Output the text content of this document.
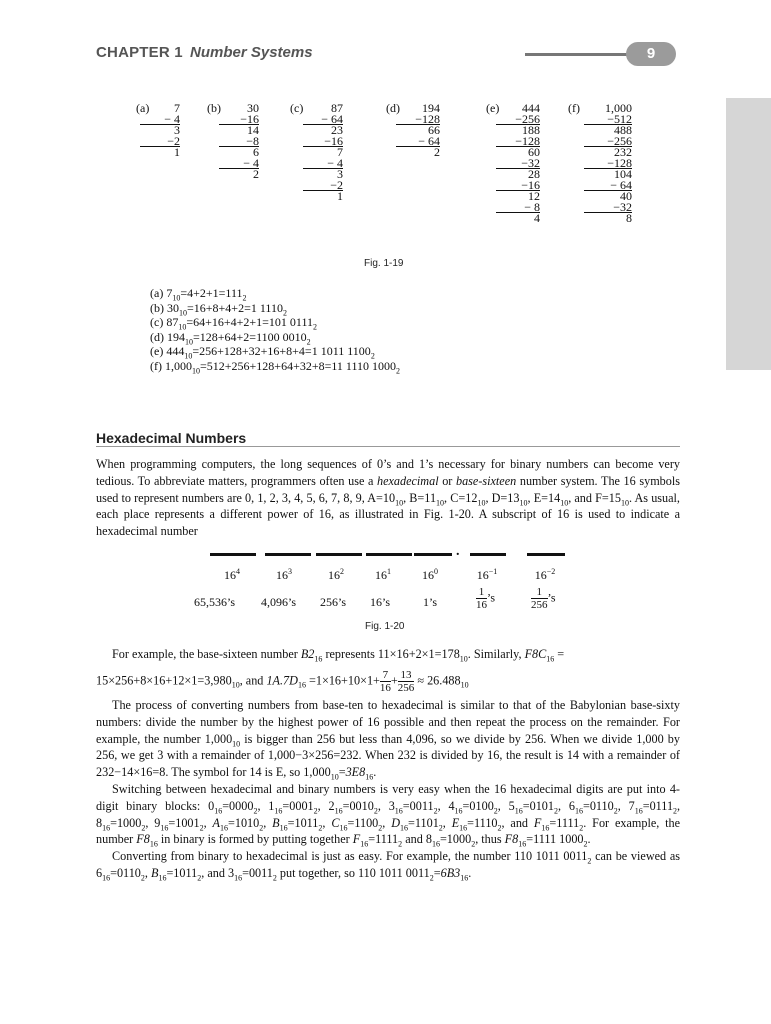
CHAPTER 1 Number Systems	9
(a)	7
− 4
3
−2
1
(b)	30
−16
14
−8
6
− 4
2
(c)	87
− 64
23
−16
7
− 4
3
−2
1
(d)	194
−128
66
− 64
2
(e)	444
−256
188
−128
60
−32
28
−16
12
− 8
4
(f)	1,000
−512
488
−256
232
−128
104
− 64
40
−32
8
Fig. 1-19
(a) $7_{10}=4+2+1=111_2$
(b) $30_{10}=16+8+4+2=1$ $1110_2$
(c) $87_{10}=64+16+4+2+1=101$ $0111_2$
(d) $194_{10}=128+64+2=1100$ $0010_2$
(e) $444_{10}=256+128+32+16+8+4=1$ 1011 $1100_2$
(f) $1,000_{10}=512+256+128+64+32+8=11$ 1110 $1000_2$
Hexadecimal Numbers

When programming computers, the long sequences of 0’s and 1’s necessary for binary numbers can become very tedious. To abbreviate matters, programmers often use a hexadecimal or base-sixteen number system. The 16 symbols used to represent numbers are 0, 1, 2, 3, 4, 5, 6, 7, 8, 9, $A=10_{10}$, $B=11_{10}$, $C=12_{10}$, $D=13_{10}$, $E=14_{10}$, and $F=15_{10}$. As usual, each place represents a different power of 16, as illustrated in Fig. 1-20. A subscript of 16 is used to indicate a hexadecimal number

.
$16^4$	$16^3$	$16^2$	$16^1$	$16^0$	$16^{-1}$	$16^{-2}$
65,536’s 4,096’s 256’s 16’s	1’s	$\frac{1}{16}$ ’s	$\frac{1}{256}$ ’s
Fig. 1-20

For example, the base-sixteen number $B2_{16}$ represents $11\times 16+2\times 1=178_{10}$. Similarly, $F8C_{16}$ =

$15\times 256+8\times 16+12\times 1=3,980_{10}$, and $1A.7D_{16} =1\times 16+10\times 1+ \frac{7}{16} + \frac{13}{256} \approx 26.488_{10}$

The process of converting numbers from base-ten to hexadecimal is similar to that of the Babylonian base-sixty numbers: divide the number by the highest power of 16 possible and then repeat the process on the remainder. For example, the number $1,000_{10}$ is bigger than 256 but less than 4,096, so we divide by 256. When we divide 1,000 by 256, we get 3 with a remainder of 1,000−3×256=232. When 232 is divided by 16, the result is 14 with a remainder of 232−14×16=8. The symbol for 14 is E, so $1,000_{10}=3E8_{16}$.

Switching between hexadecimal and binary numbers is very easy when the 16 hexadecimal digits are put into 4-digit binary blocks: $0_{16}=0000_2$, $1_{16}=0001_2$, $2_{16}=0010_2$, $3_{16}=0011_2$, $4_{16}=0100_2$, $5_{16}=0101_2$, $6_{16}=0110_2$, $7_{16}=0111_2$, $8_{16}=1000_2$, $9_{16}=1001_2$, $A_{16}=1010_2$, $B_{16}=1011_2$, $C_{16}=1100_2$, $D_{16}=1101_2$, $E_{16}=1110_2$, and $F_{16}=1111_2$. For example, the number $F8_{16}$ in binary is formed by putting together $F_{16}=1111_2$ and $8_{16}=1000_2$, thus $F8_{16}=1111$ $1000_2$.

Converting from binary to hexadecimal is just as easy. For example, the number 110 1011 $0011_2$ can be viewed as $6_{16}=0110_2$, $B_{16}=1011_2$, and $3_{16}=0011_2$ put together, so 110 1011 $0011_2=6B3_{16}$.
